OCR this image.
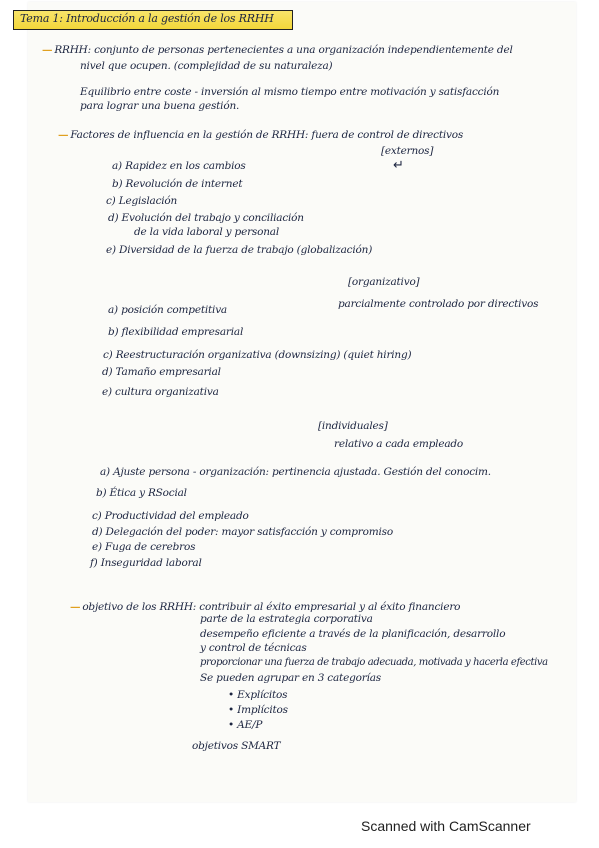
Tema 1: Introducción a la gestión de los RRHH
— RRHH: conjunto de personas pertenecientes a una organización independientemente del
nivel que ocupen. (complejidad de su naturaleza)
Equilibrio entre coste - inversión al mismo tiempo entre motivación y satisfacción
para lograr una buena gestión.
— Factores de influencia en la gestión de RRHH: fuera de control de directivos
[externos]
↵
a) Rapidez en los cambios
b) Revolución de internet
c) Legislación
d) Evolución del trabajo y conciliación
de la vida laboral y personal
e) Diversidad de la fuerza de trabajo (globalización)
[organizativo]
parcialmente controlado por directivos
a) posición competitiva
b) flexibilidad empresarial
c) Reestructuración organizativa (downsizing) (quiet hiring)
d) Tamaño empresarial
e) cultura organizativa
[individuales]
relativo a cada empleado
a) Ajuste persona - organización: pertinencia ajustada. Gestión del conocim.
b) Ética y RSocial
c) Productividad del empleado
d) Delegación del poder: mayor satisfacción y compromiso
e) Fuga de cerebros
f) Inseguridad laboral
— objetivo de los RRHH: contribuir al éxito empresarial y al éxito financiero
parte de la estrategia corporativa
desempeño eficiente a través de la planificación, desarrollo
y control de técnicas
proporcionar una fuerza de trabajo adecuada, motivada y hacerla efectiva
Se pueden agrupar en 3 categorías
• Explícitos
• Implícitos
• AE/P
objetivos SMART
Scanned with CamScanner
